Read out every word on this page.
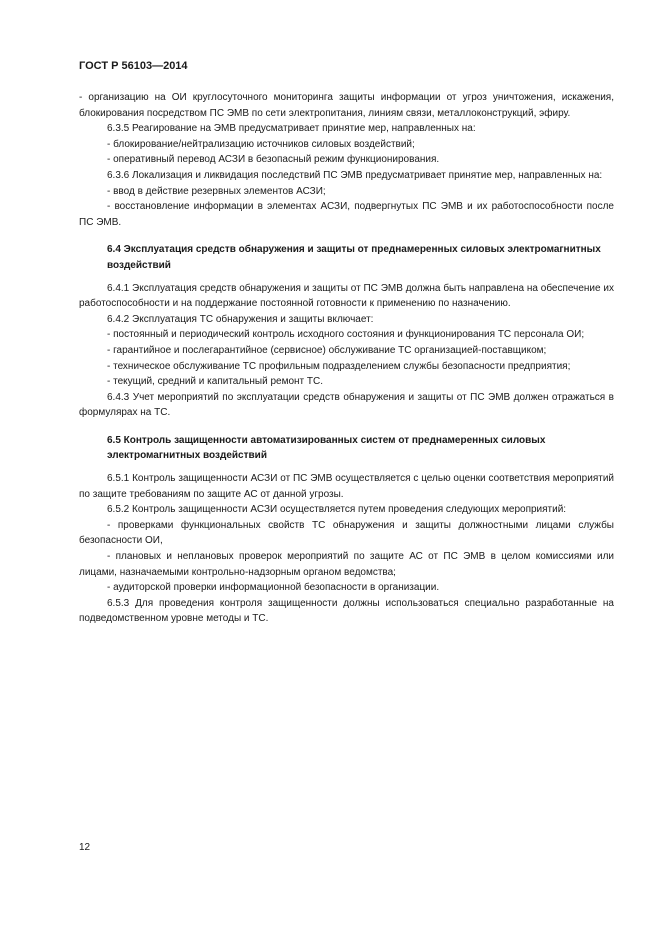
ГОСТ Р 56103—2014

- организацию на ОИ круглосуточного мониторинга защиты информации от угроз уничтожения, искажения, блокирования посредством ПС ЭМВ по сети электропитания, линиям связи, металлоконструкций, эфиру.

6.3.5 Реагирование на ЭМВ предусматривает принятие мер, направленных на:

- блокирование/нейтрализацию источников силовых воздействий;

- оперативный перевод АСЗИ в безопасный режим функционирования.

6.3.6 Локализация и ликвидация последствий ПС ЭМВ предусматривает принятие мер, направленных на:

- ввод в действие резервных элементов АСЗИ;

- восстановление информации в элементах АСЗИ, подвергнутых ПС ЭМВ и их работоспособности после ПС ЭМВ.

6.4 Эксплуатация средств обнаружения и защиты от преднамеренных силовых электромагнитных воздействий

6.4.1 Эксплуатация средств обнаружения и защиты от ПС ЭМВ должна быть направлена на обеспечение их работоспособности и на поддержание постоянной готовности к применению по назначению.

6.4.2 Эксплуатация ТС обнаружения и защиты включает:

- постоянный и периодический контроль исходного состояния и функционирования ТС персонала ОИ;

- гарантийное и послегарантийное (сервисное) обслуживание ТС организацией-поставщиком;

- техническое обслуживание ТС профильным подразделением службы безопасности предприятия;

- текущий, средний и капитальный ремонт ТС.

6.4.3 Учет мероприятий по эксплуатации средств обнаружения и защиты от ПС ЭМВ должен отражаться в формулярах на ТС.

6.5 Контроль защищенности автоматизированных систем от преднамеренных силовых электромагнитных воздействий

6.5.1 Контроль защищенности АСЗИ от ПС ЭМВ осуществляется с целью оценки соответствия мероприятий по защите требованиям по защите АС от данной угрозы.

6.5.2 Контроль защищенности АСЗИ осуществляется путем проведения следующих мероприятий:

- проверками функциональных свойств ТС обнаружения и защиты должностными лицами службы безопасности ОИ,

- плановых и неплановых проверок мероприятий по защите АС от ПС ЭМВ в целом комиссиями или лицами, назначаемыми контрольно-надзорным органом ведомства;

- аудиторской проверки информационной безопасности в организации.

6.5.3 Для проведения контроля защищенности должны использоваться специально разработанные на подведомственном уровне методы и ТС.

12
